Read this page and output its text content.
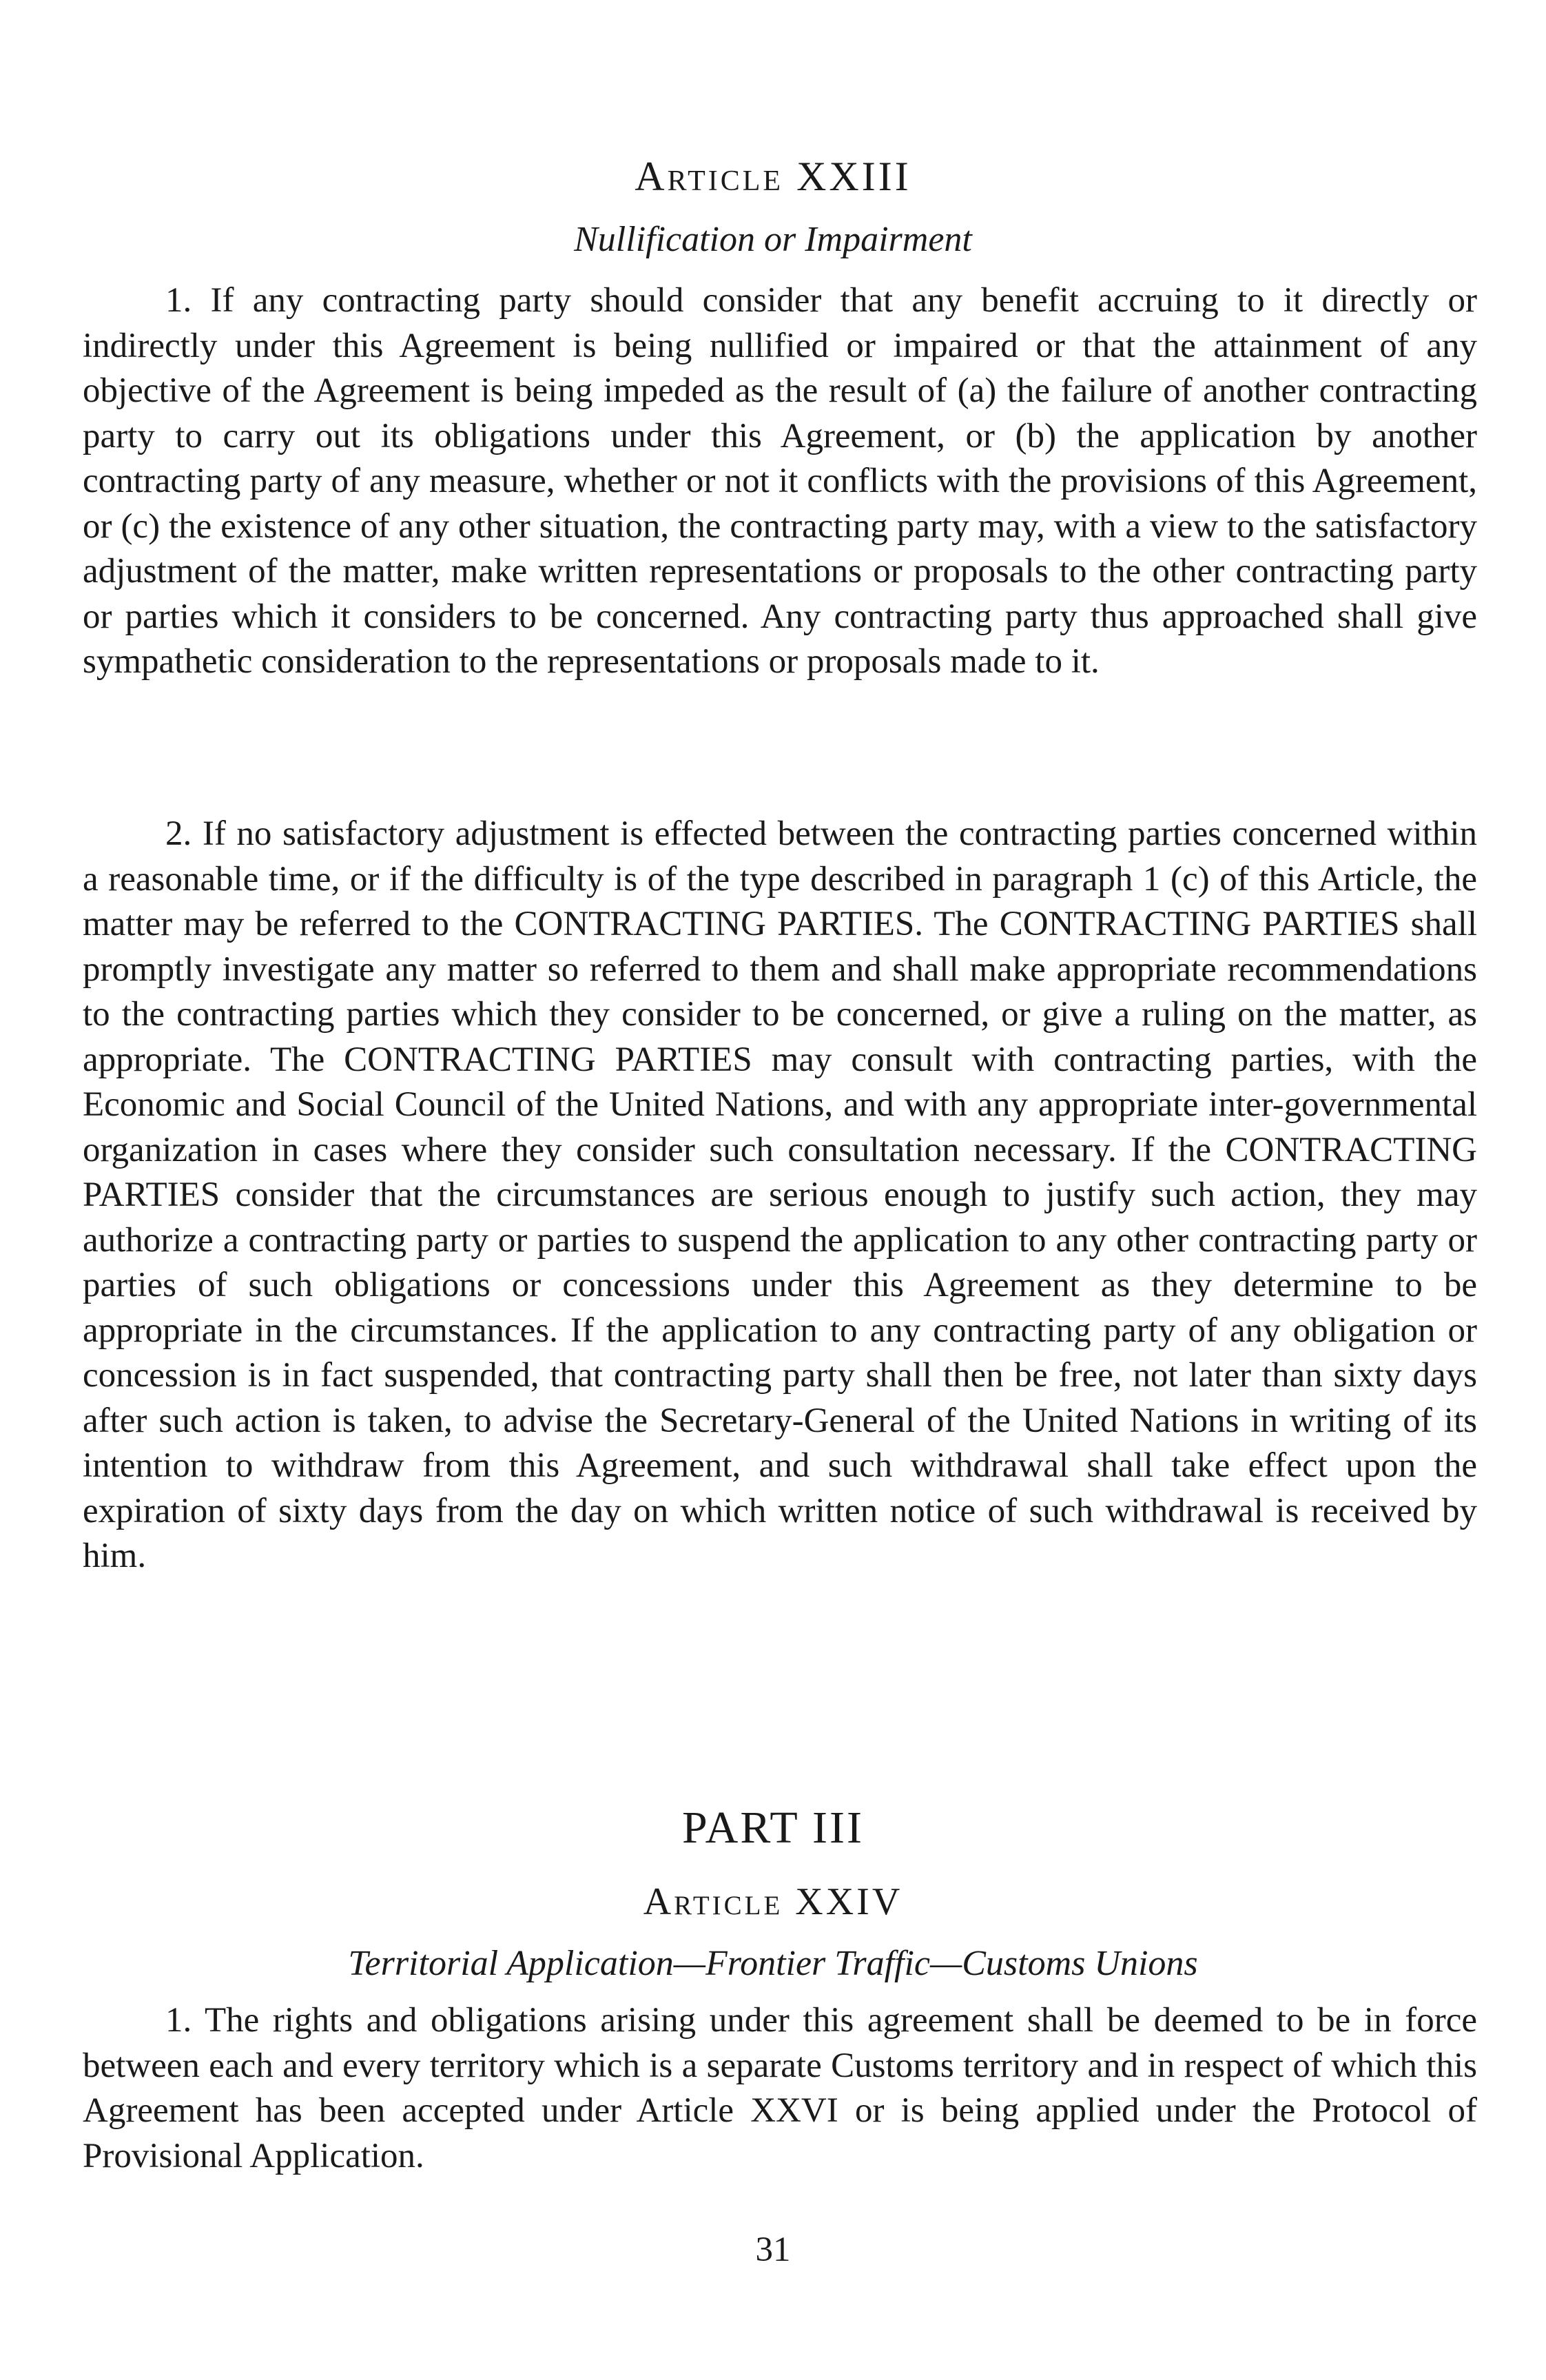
Article XXIII
Nullification or Impairment

1. If any contracting party should consider that any benefit accruing to it directly or indirectly under this Agreement is being nullified or impaired or that the attainment of any objective of the Agreement is being impeded as the result of (a) the failure of another contracting party to carry out its obligations under this Agreement, or (b) the application by another contracting party of any measure, whether or not it conflicts with the provisions of this Agreement, or (c) the existence of any other situation, the contracting party may, with a view to the satisfactory adjustment of the matter, make written representations or proposals to the other contracting party or parties which it considers to be concerned. Any contracting party thus approached shall give sympathetic consideration to the representations or proposals made to it.

2. If no satisfactory adjustment is effected between the contracting parties concerned within a reasonable time, or if the difficulty is of the type described in paragraph 1 (c) of this Article, the matter may be referred to the CONTRACTING PARTIES. The CONTRACTING PARTIES shall promptly investigate any matter so referred to them and shall make appropriate recommendations to the contracting parties which they consider to be concerned, or give a ruling on the matter, as appropriate. The CONTRACTING PARTIES may consult with contracting parties, with the Economic and Social Council of the United Nations, and with any appropriate inter-governmental organization in cases where they consider such consultation necessary. If the CONTRACTING PARTIES consider that the circumstances are serious enough to justify such action, they may authorize a contracting party or parties to suspend the application to any other contracting party or parties of such obligations or concessions under this Agreement as they determine to be appropriate in the circumstances. If the application to any contracting party of any obligation or concession is in fact suspended, that contracting party shall then be free, not later than sixty days after such action is taken, to advise the Secretary-General of the United Nations in writing of its intention to withdraw from this Agreement, and such withdrawal shall take effect upon the expiration of sixty days from the day on which written notice of such withdrawal is received by him.

PART III
Article XXIV
Territorial Application—Frontier Traffic—Customs Unions

1. The rights and obligations arising under this agreement shall be deemed to be in force between each and every territory which is a separate Customs territory and in respect of which this Agreement has been accepted under Article XXVI or is being applied under the Protocol of Provisional Application.

31
